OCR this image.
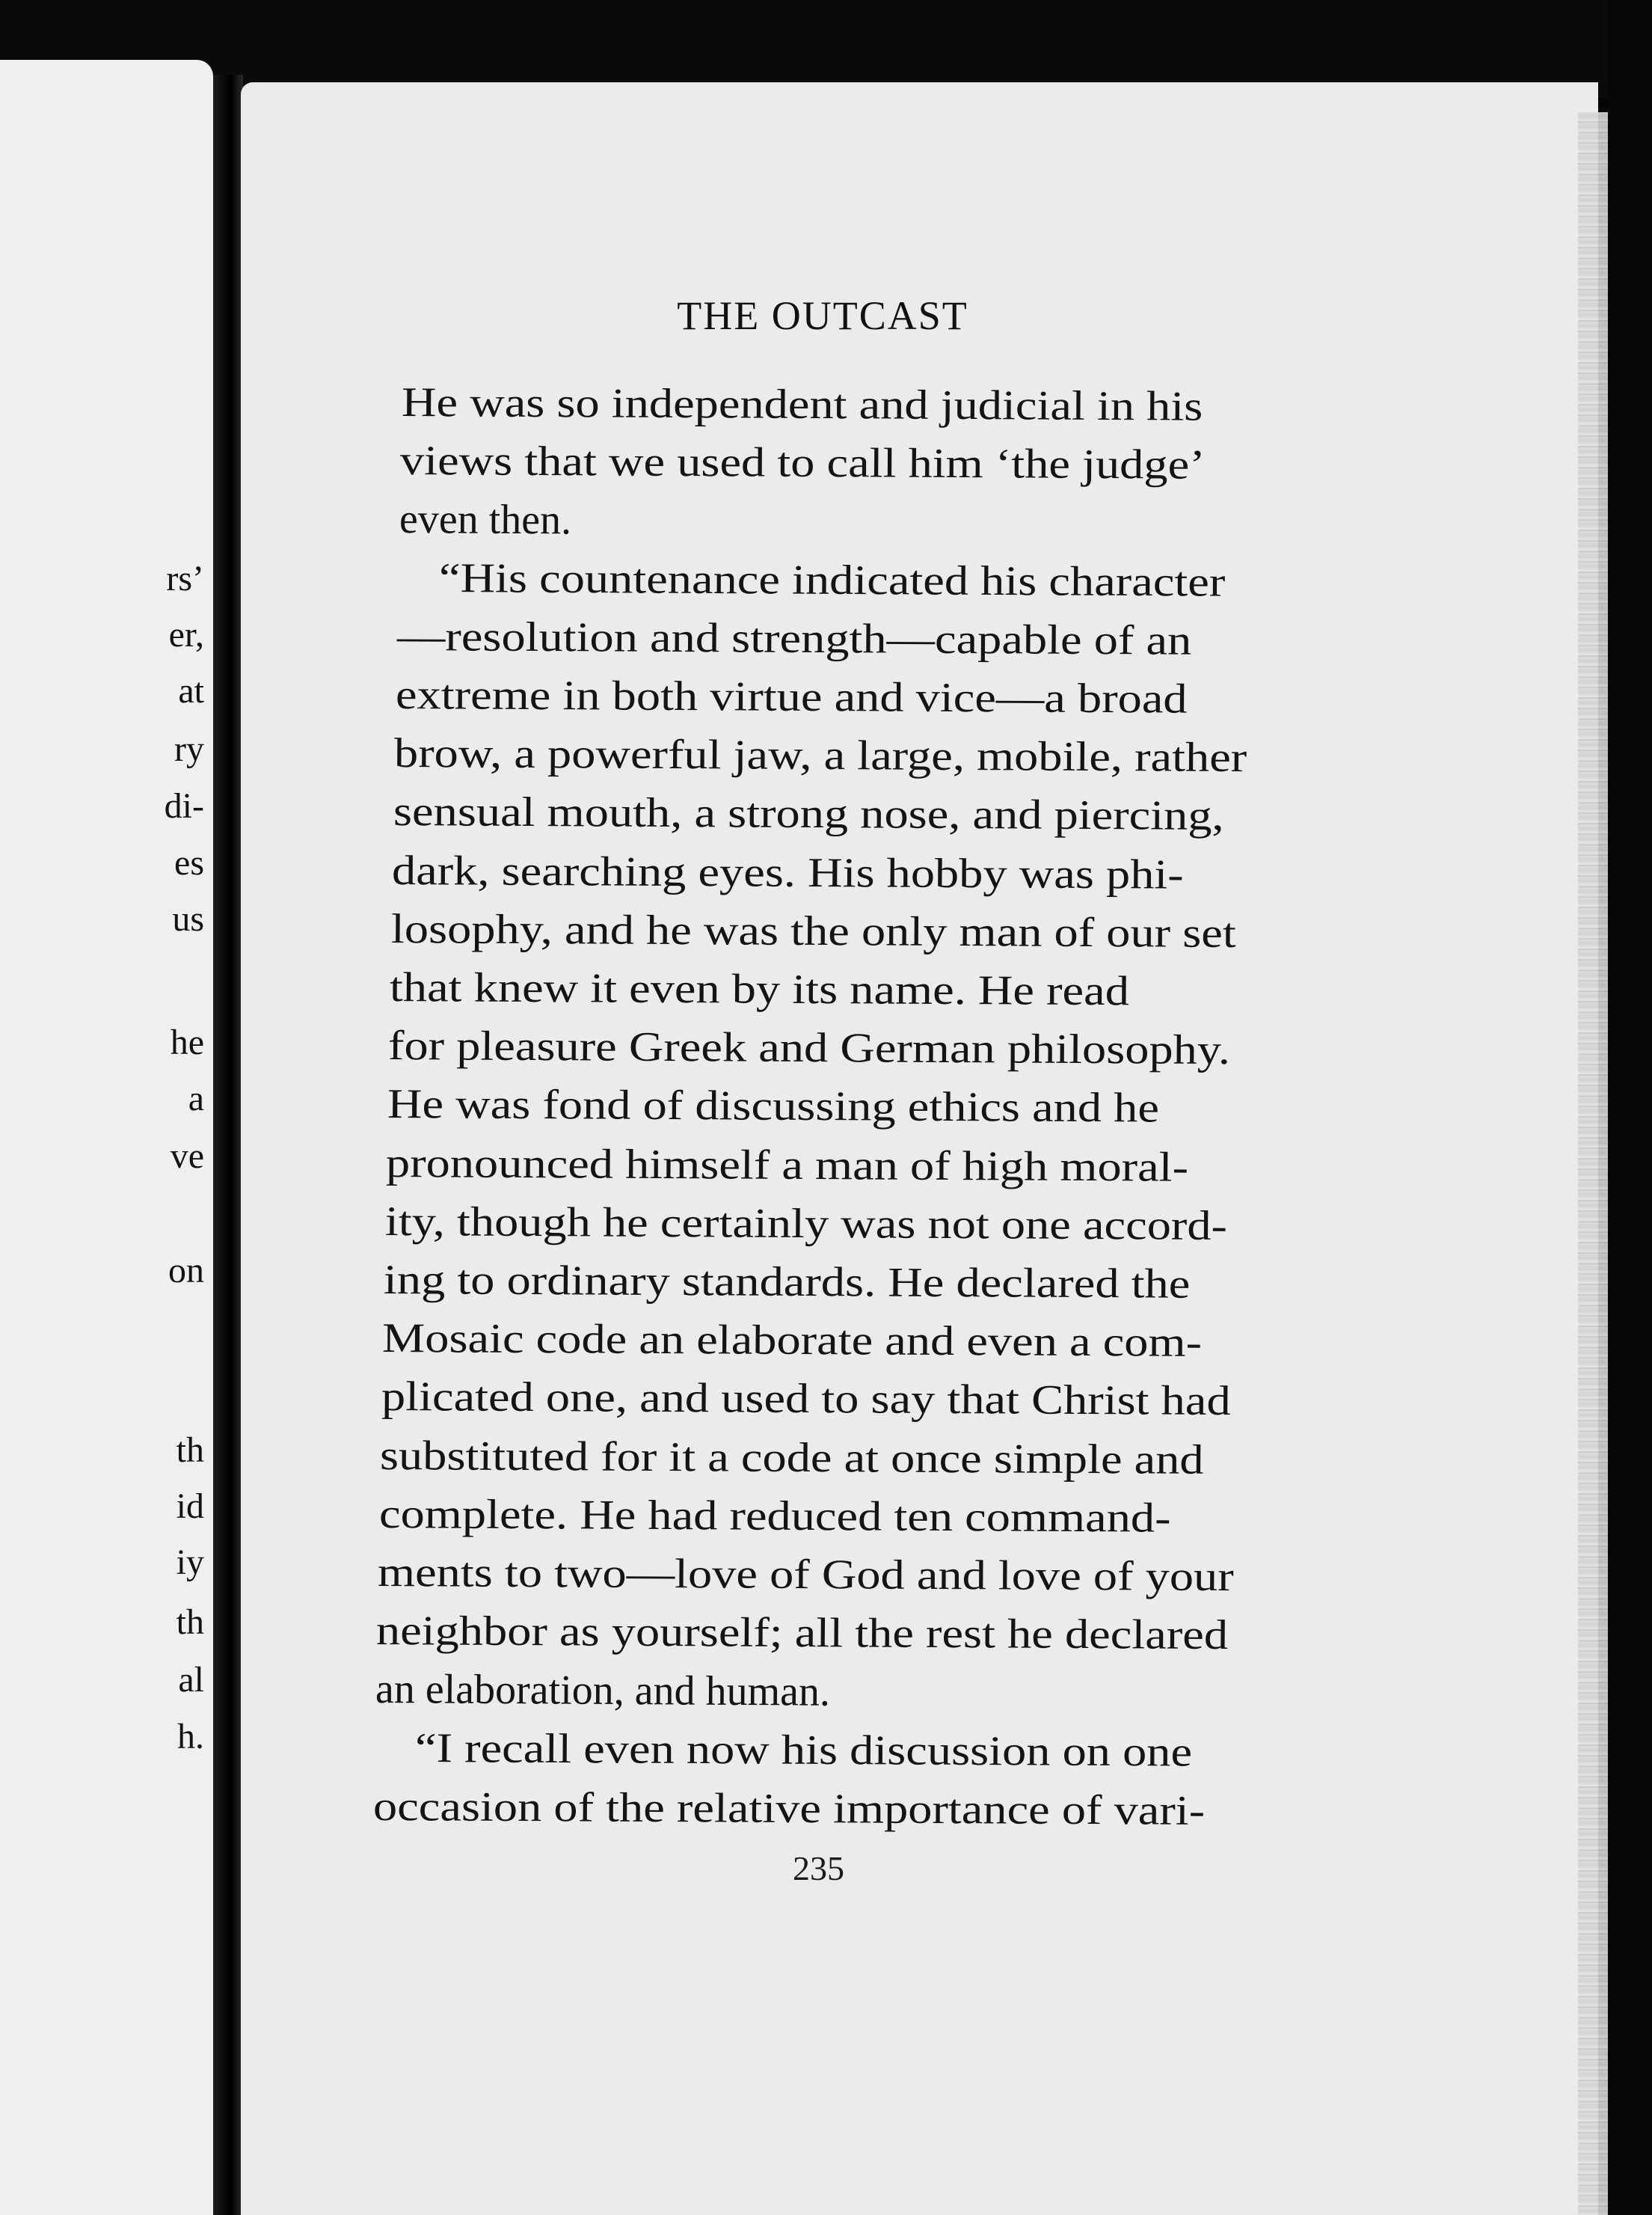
rs’
er,
at
ry
di-
es
us
he
a
ve
on
th
id
iy
th
al
h.
THE OUTCAST
He was so independent and judicial in his
views that we used to call him ‘the judge’
even then.
“His countenance indicated his character
—resolution and strength—capable of an
extreme in both virtue and vice—a broad
brow, a powerful jaw, a large, mobile, rather
sensual mouth, a strong nose, and piercing,
dark, searching eyes. His hobby was phi-
losophy, and he was the only man of our set
that knew it even by its name. He read
for pleasure Greek and German philosophy.
He was fond of discussing ethics and he
pronounced himself a man of high moral-
ity, though he certainly was not one accord-
ing to ordinary standards. He declared the
Mosaic code an elaborate and even a com-
plicated one, and used to say that Christ had
substituted for it a code at once simple and
complete. He had reduced ten command-
ments to two—love of God and love of your
neighbor as yourself; all the rest he declared
an elaboration, and human.
“I recall even now his discussion on one
occasion of the relative importance of vari-
235
